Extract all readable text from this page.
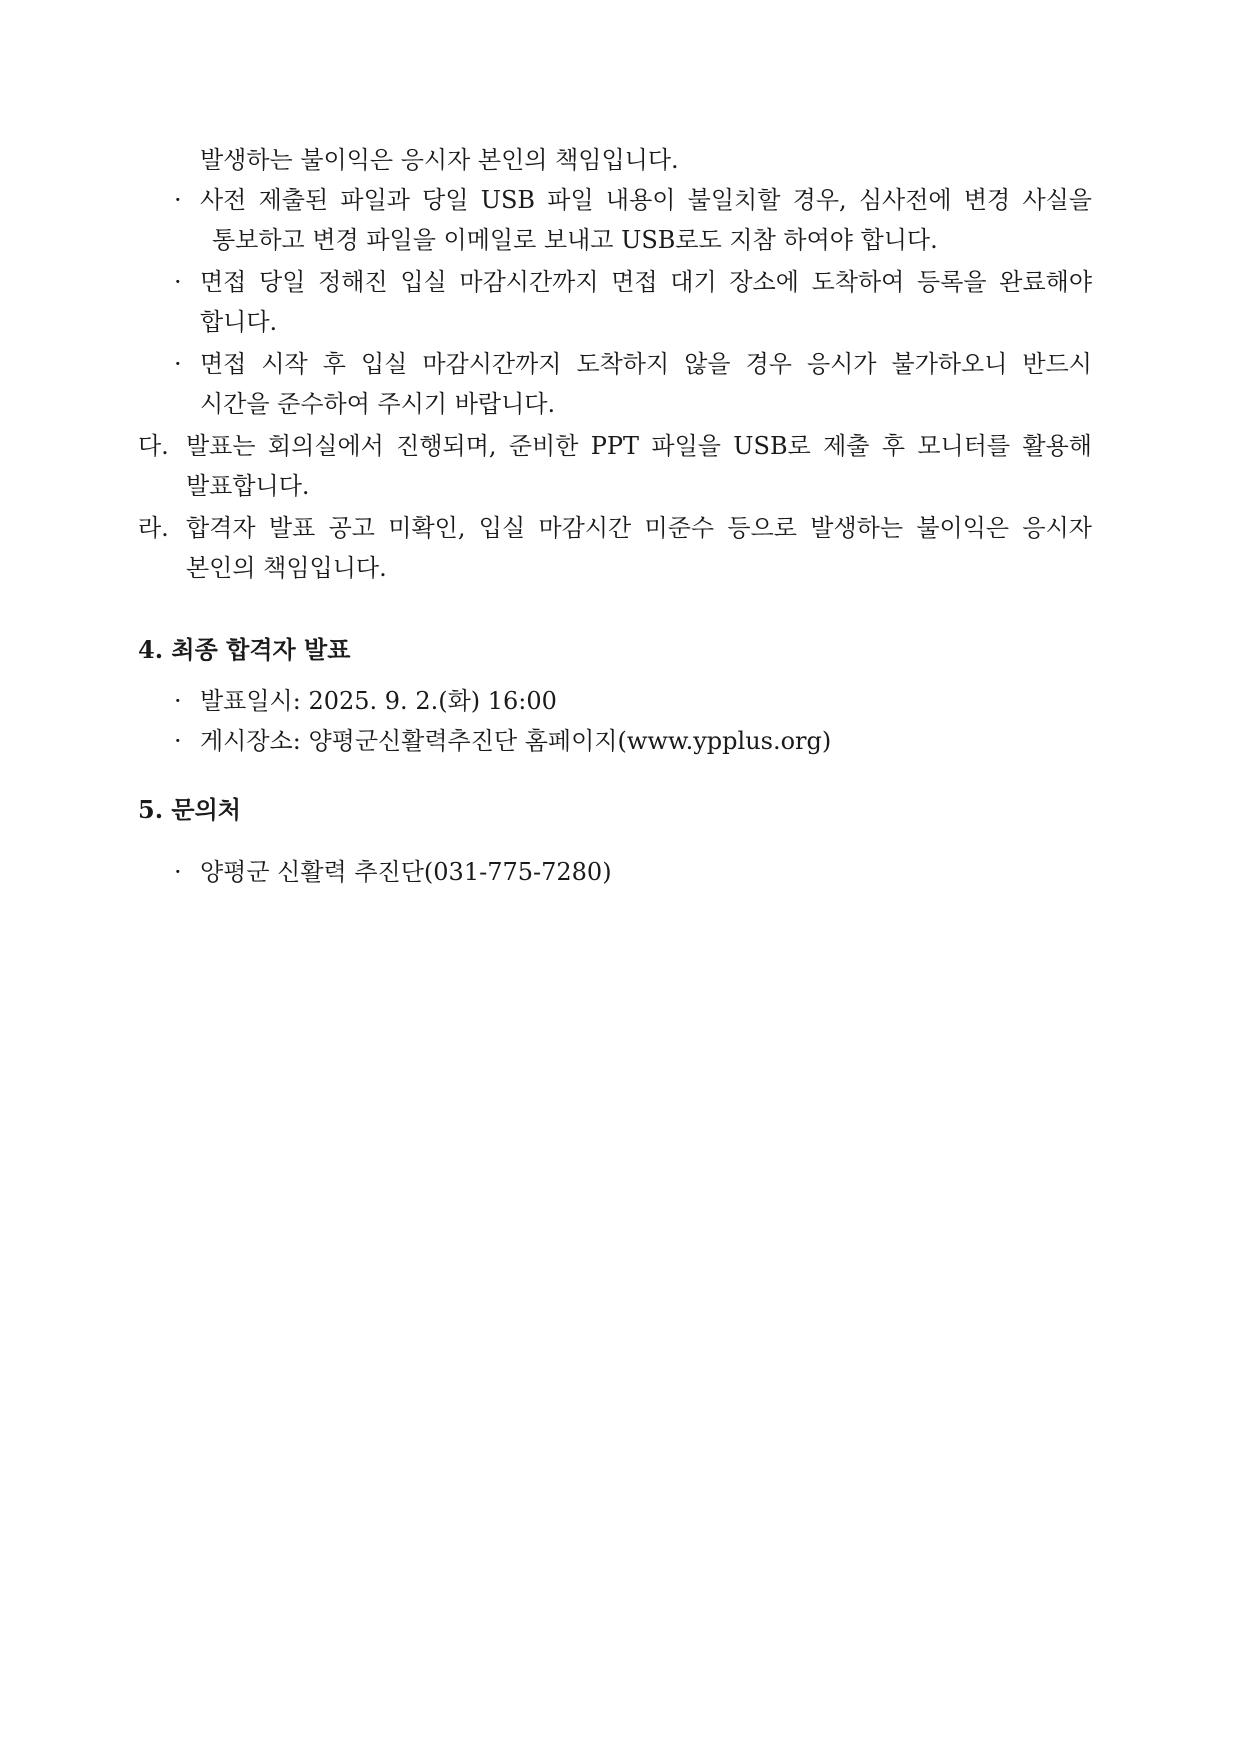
발생하는 불이익은 응시자 본인의 책임입니다.
· 사전 제출된 파일과 당일 USB 파일 내용이 불일치할 경우, 심사전에 변경 사실을
통보하고 변경 파일을 이메일로 보내고 USB로도 지참 하여야 합니다.
· 면접 당일 정해진 입실 마감시간까지 면접 대기 장소에 도착하여 등록을 완료해야
합니다.
· 면접 시작 후 입실 마감시간까지 도착하지 않을 경우 응시가 불가하오니 반드시
시간을 준수하여 주시기 바랍니다.
다. 발표는 회의실에서 진행되며, 준비한 PPT 파일을 USB로 제출 후 모니터를 활용해
발표합니다.
라. 합격자 발표 공고 미확인, 입실 마감시간 미준수 등으로 발생하는 불이익은 응시자
본인의 책임입니다.
4. 최종 합격자 발표
· 발표일시: 2025. 9. 2.(화) 16:00
· 게시장소: 양평군신활력추진단 홈페이지(www.ypplus.org)
5. 문의처
· 양평군 신활력 추진단(031-775-7280)
